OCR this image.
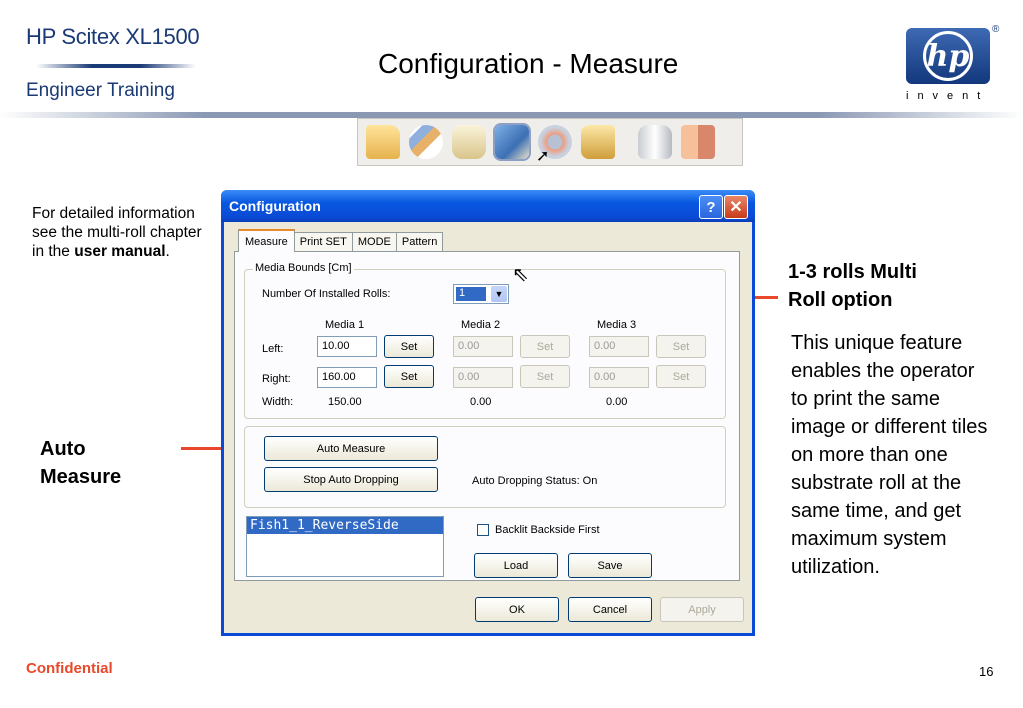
HP Scitex XL1500
Engineer Training
Configuration - Measure	hp
®
invent
➚
For detailed information see the multi-roll chapter in the user manual.
Auto Measure
1-3 rolls Multi Roll option
This unique feature enables the operator to print the same image or different tiles on more than one substrate roll at the same time, and get maximum system utilization.
Confidential	16
Configuration	? ✕
Measure	Print SET	MODE	Pattern
Media Bounds [Cm]
Number Of Installed Rolls:	1	▼
⇖
Media 1	Media 2	Media 3
Left:	10.00	Set	0.00	Set	0.00	Set
Right:	160.00	Set	0.00	Set	0.00	Set
Width:	150.00	0.00	0.00
Auto Measure
Stop Auto Dropping	Auto Dropping Status: On
Fish1_1_ReverseSide	Backlit Backside First
Load	Save
OK	Cancel	Apply
